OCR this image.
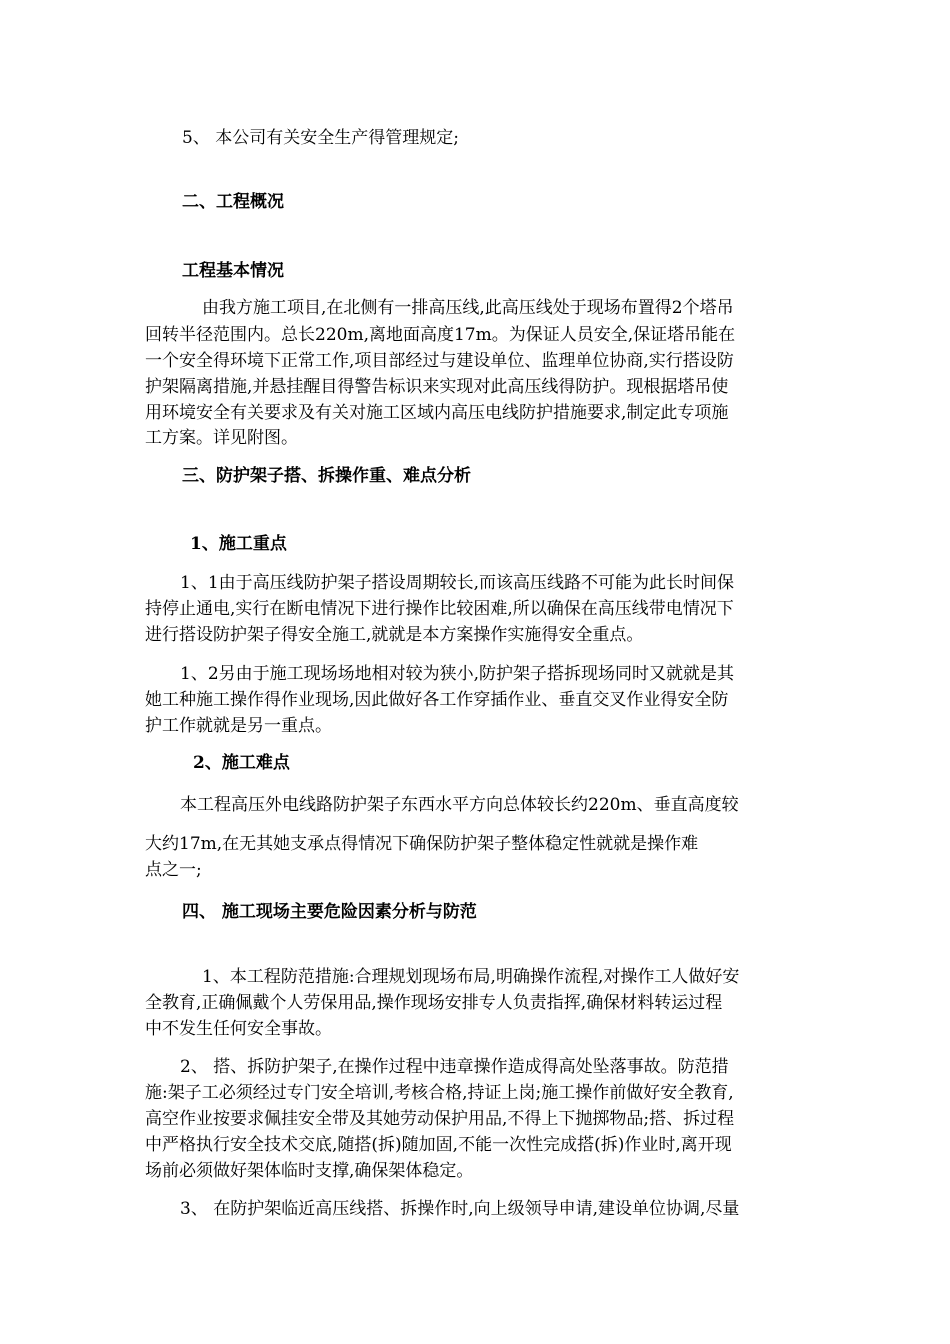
5、 本公司有关安全生产得管理规定;
二、工程概况
工程基本情况
由我方施工项目,在北侧有一排高压线,此高压线处于现场布置得2个塔吊
回转半径范围内。总长220m,离地面高度17m。为保证人员安全,保证塔吊能在
一个安全得环境下正常工作,项目部经过与建设单位、监理单位协商,实行搭设防
护架隔离措施,并悬挂醒目得警告标识来实现对此高压线得防护。现根据塔吊使
用环境安全有关要求及有关对施工区域内高压电线防护措施要求,制定此专项施
工方案。详见附图。
三、防护架子搭、拆操作重、难点分析
1、施工重点
1、1由于高压线防护架子搭设周期较长,而该高压线路不可能为此长时间保
持停止通电,实行在断电情况下进行操作比较困难,所以确保在高压线带电情况下
进行搭设防护架子得安全施工,就就是本方案操作实施得安全重点。
1、2另由于施工现场场地相对较为狭小,防护架子搭拆现场同时又就就是其
她工种施工操作得作业现场,因此做好各工作穿插作业、垂直交叉作业得安全防
护工作就就是另一重点。
2、施工难点
本工程高压外电线路防护架子东西水平方向总体较长约220m、垂直高度较
大约17m,在无其她支承点得情况下确保防护架子整体稳定性就就是操作难
点之一;
四、 施工现场主要危险因素分析与防范
1、本工程防范措施:合理规划现场布局,明确操作流程,对操作工人做好安
全教育,正确佩戴个人劳保用品,操作现场安排专人负责指挥,确保材料转运过程
中不发生任何安全事故。
2、 搭、拆防护架子,在操作过程中违章操作造成得高处坠落事故。防范措
施:架子工必须经过专门安全培训,考核合格,持证上岗;施工操作前做好安全教育,
高空作业按要求佩挂安全带及其她劳动保护用品,不得上下抛掷物品;搭、拆过程
中严格执行安全技术交底,随搭(拆)随加固,不能一次性完成搭(拆)作业时,离开现
场前必须做好架体临时支撑,确保架体稳定。
3、 在防护架临近高压线搭、拆操作时,向上级领导申请,建设单位协调,尽量
